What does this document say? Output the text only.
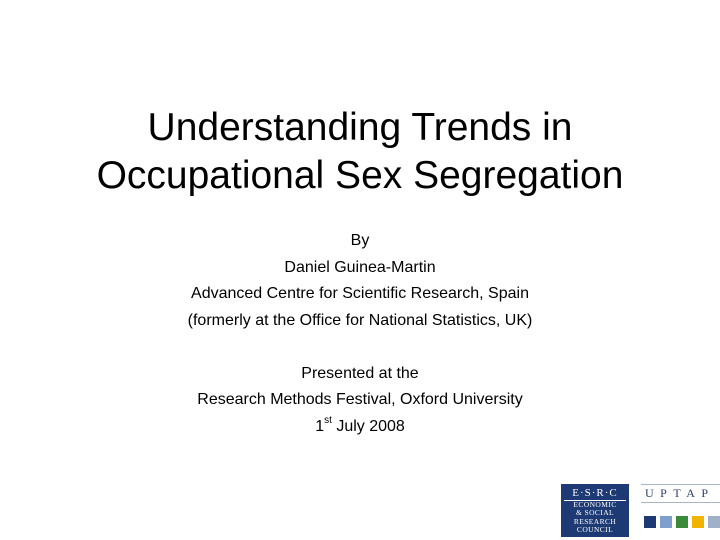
Understanding Trends in
Occupational Sex Segregation
By
Daniel Guinea-Martin
Advanced Centre for Scientific Research, Spain
(formerly at the Office for National Statistics, UK)
Presented at the
Research Methods Festival, Oxford University
1st July 2008
E·S·R·C
ECONOMIC
& SOCIAL
RESEARCH
COUNCIL
UPTAP
